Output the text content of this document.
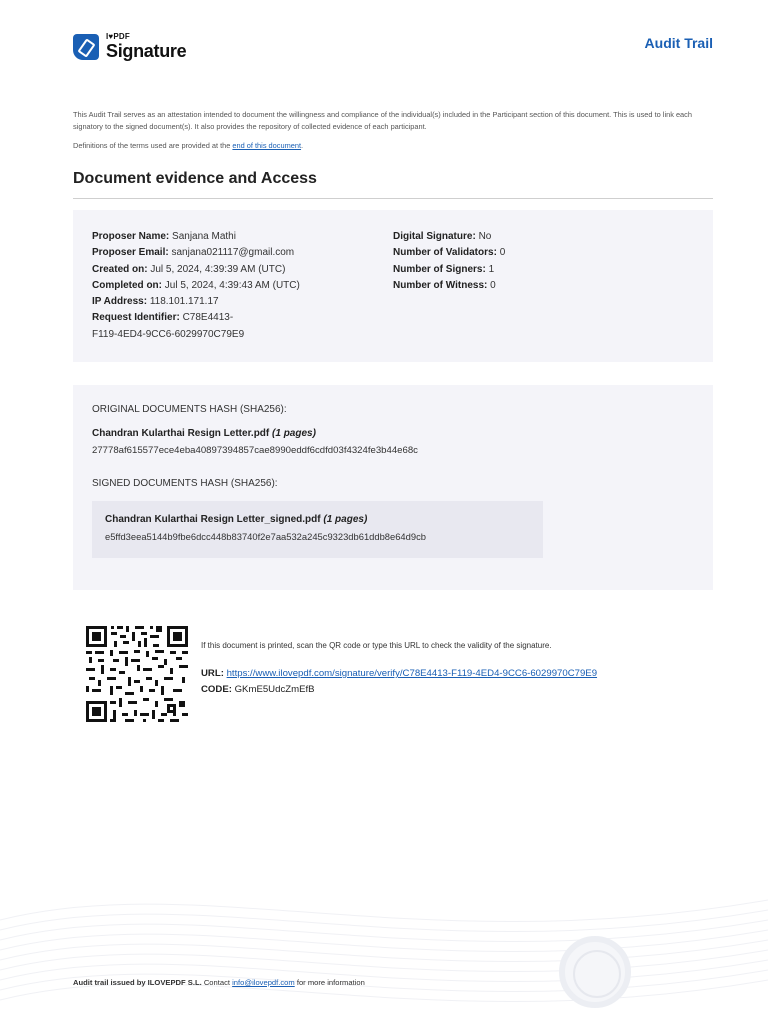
I♥PDF
Signature	Audit Trail

This Audit Trail serves as an attestation intended to document the willingness and compliance of the individual(s) included in the Participant section of this document. This is used to link each signatory to the signed document(s). It also provides the repository of collected evidence of each participant.

Definitions of the terms used are provided at the end of this document.

Document evidence and Access
Proposer Name: Sanjana Mathi
Proposer Email: sanjana021117@gmail.com
Created on: Jul 5, 2024, 4:39:39 AM (UTC)
Completed on: Jul 5, 2024, 4:39:43 AM (UTC)
IP Address: 118.101.171.17
Request Identifier: C78E4413-
F119-4ED4-9CC6-6029970C79E9
Digital Signature: No
Number of Validators: 0
Number of Signers: 1
Number of Witness: 0
ORIGINAL DOCUMENTS HASH (SHA256):
Chandran Kularthai Resign Letter.pdf (1 pages)
27778af615577ece4eba40897394857cae8990eddf6cdfd03f4324fe3b44e68c
SIGNED DOCUMENTS HASH (SHA256):
Chandran Kularthai Resign Letter_signed.pdf (1 pages)
e5ffd3eea5144b9fbe6dcc448b83740f2e7aa532a245c9323db61ddb8e64d9cb
If this document is printed, scan the QR code or type this URL to check the validity of the signature.
URL: https://www.ilovepdf.com/signature/verify/C78E4413-F119-4ED4-9CC6-6029970C79E9
CODE: GKmE5UdcZmEfB
Audit trail issued by ILOVEPDF S.L. Contact info@ilovepdf.com for more information
